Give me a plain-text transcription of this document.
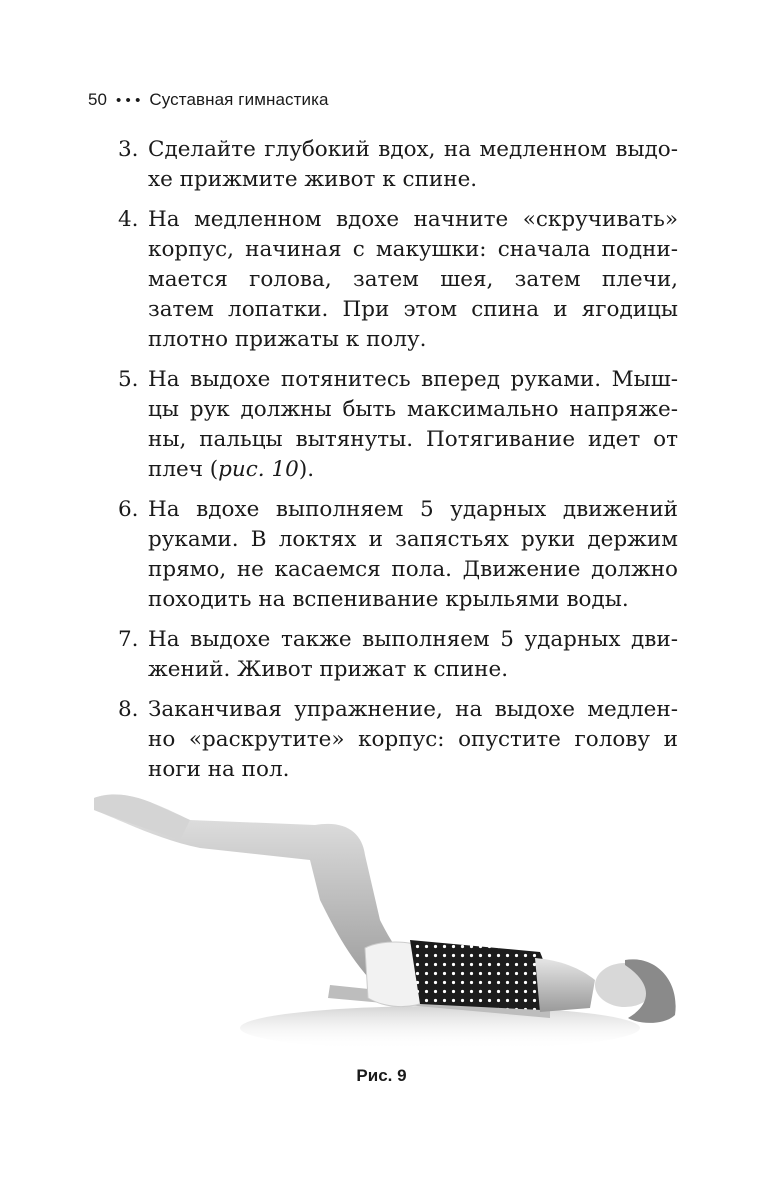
50 • • • Суставная гимнастика
3. Сделайте глубокий вдох, на медленном выдо-хе прижмите живот к спине.
4. На медленном вдохе начните «скручивать» корпус, начиная с макушки: сначала подни-мается голова, затем шея, затем плечи, затем лопатки. При этом спина и ягодицы плотно прижаты к полу.
5. На выдохе потянитесь вперед руками. Мыш-цы рук должны быть максимально напряже-ны, пальцы вытянуты. Потягивание идет от плеч (рис. 10).
6. На вдохе выполняем 5 ударных движений руками. В локтях и запястьях руки держим прямо, не касаемся пола. Движение должно походить на вспенивание крыльями воды.
7. На выдохе также выполняем 5 ударных дви-жений. Живот прижат к спине.
8. Заканчивая упражнение, на выдохе медлен-но «раскрутите» корпус: опустите голову и ноги на пол.
Рис. 9
